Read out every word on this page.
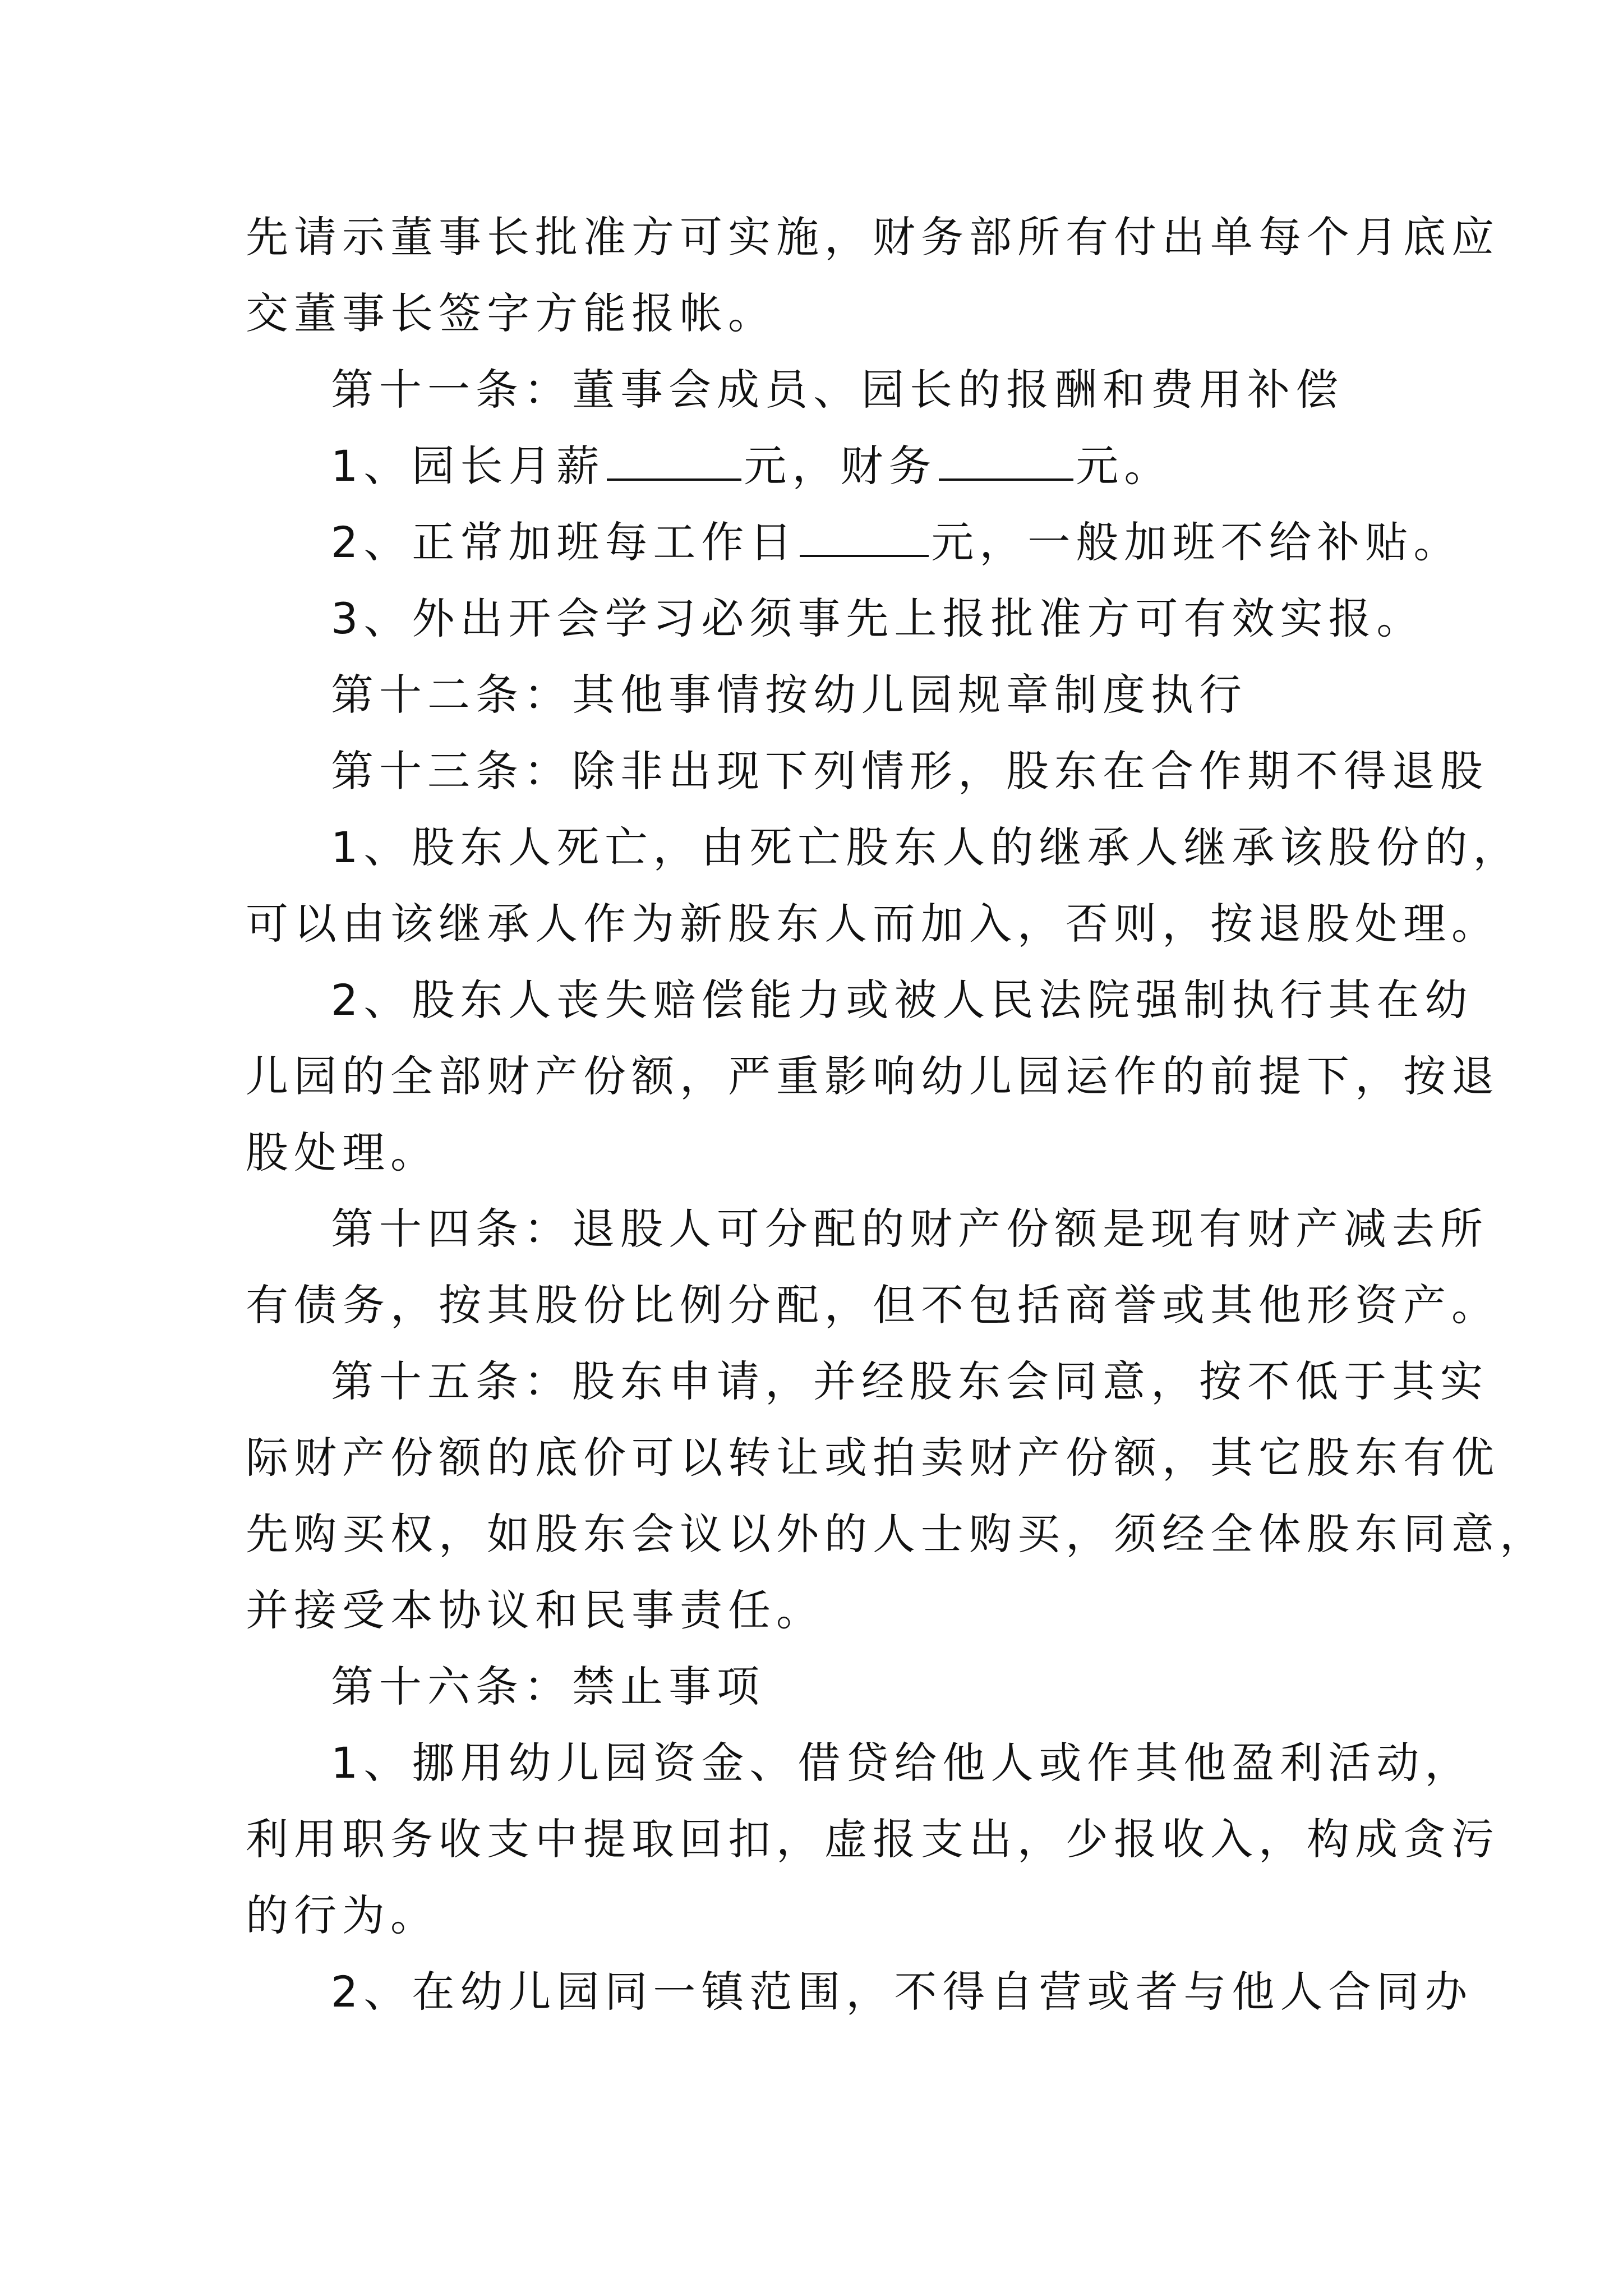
先请示董事长批准方可实施，财务部所有付出单每个月底应
交董事长签字方能报帐。
第十一条：董事会成员、园长的报酬和费用补偿
1、园长月薪	元，财务	元。
2、正常加班每工作日	元，一般加班不给补贴。
3、外出开会学习必须事先上报批准方可有效实报。
第十二条：其他事情按幼儿园规章制度执行
第十三条：除非出现下列情形，股东在合作期不得退股
1、股东人死亡，由死亡股东人的继承人继承该股份的，
可以由该继承人作为新股东人而加入，否则，按退股处理。
2、股东人丧失赔偿能力或被人民法院强制执行其在幼
儿园的全部财产份额，严重影响幼儿园运作的前提下，按退
股处理。
第十四条：退股人可分配的财产份额是现有财产减去所
有债务，按其股份比例分配，但不包括商誉或其他形资产。
第十五条：股东申请，并经股东会同意，按不低于其实
际财产份额的底价可以转让或拍卖财产份额，其它股东有优
先购买权，如股东会议以外的人士购买，须经全体股东同意，
并接受本协议和民事责任。
第十六条：禁止事项
1、挪用幼儿园资金、借贷给他人或作其他盈利活动，
利用职务收支中提取回扣，虚报支出，少报收入，构成贪污
的行为。
2、在幼儿园同一镇范围，不得自营或者与他人合同办
